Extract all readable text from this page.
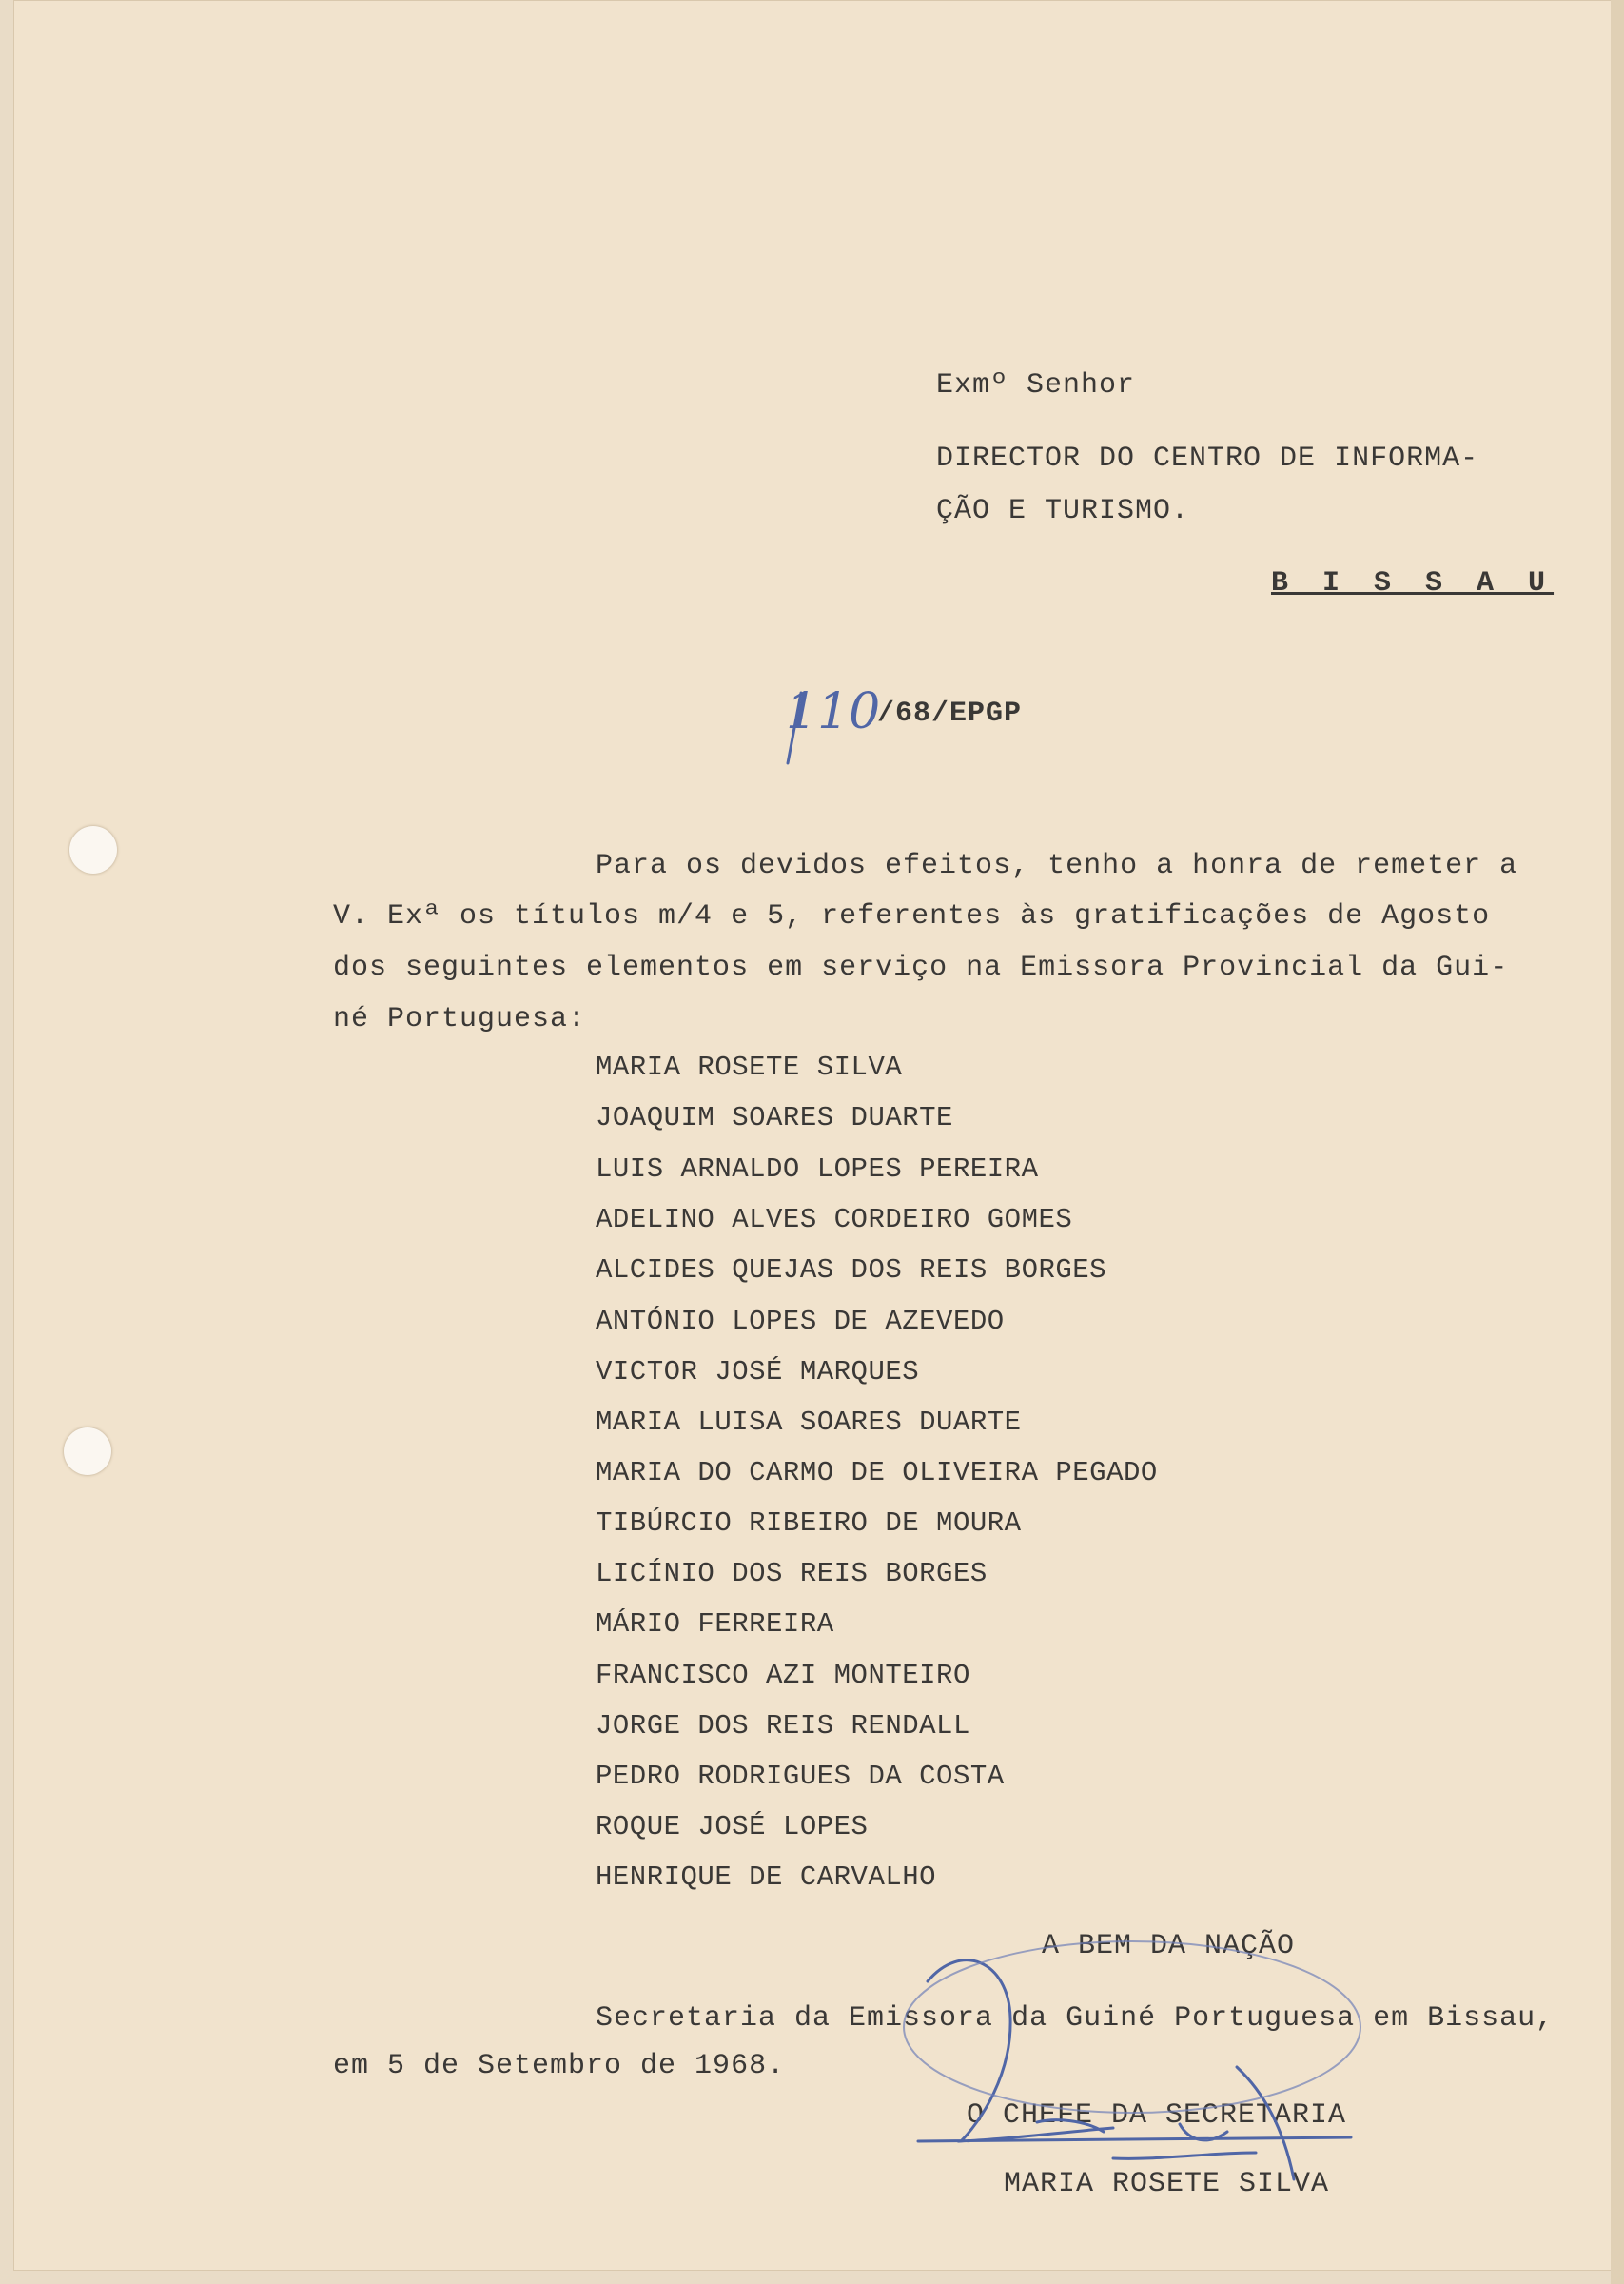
Exmº Senhor
DIRECTOR DO CENTRO DE INFORMA-
ÇÃO E TURISMO.
B I S S A U
110
/68/EPGP
Para os devidos efeitos, tenho a honra de remeter a
V. Exª os títulos m/4 e 5, referentes às gratificações de Agosto
dos seguintes elementos em serviço na Emissora Provincial da Gui-
né Portuguesa:
MARIA ROSETE SILVA
JOAQUIM SOARES DUARTE
LUIS ARNALDO LOPES PEREIRA
ADELINO ALVES CORDEIRO GOMES
ALCIDES QUEJAS DOS REIS BORGES
ANTÓNIO LOPES DE AZEVEDO
VICTOR JOSÉ MARQUES
MARIA LUISA SOARES DUARTE
MARIA DO CARMO DE OLIVEIRA PEGADO
TIBÚRCIO RIBEIRO DE MOURA
LICÍNIO DOS REIS BORGES
MÁRIO FERREIRA
FRANCISCO AZI MONTEIRO
JORGE DOS REIS RENDALL
PEDRO RODRIGUES DA COSTA
ROQUE JOSÉ LOPES
HENRIQUE DE CARVALHO
A BEM DA NAÇÃO
Secretaria da Emissora da Guiné Portuguesa em Bissau,
em 5 de Setembro de 1968.
O CHEFE DA SECRETARIA
MARIA ROSETE SILVA
